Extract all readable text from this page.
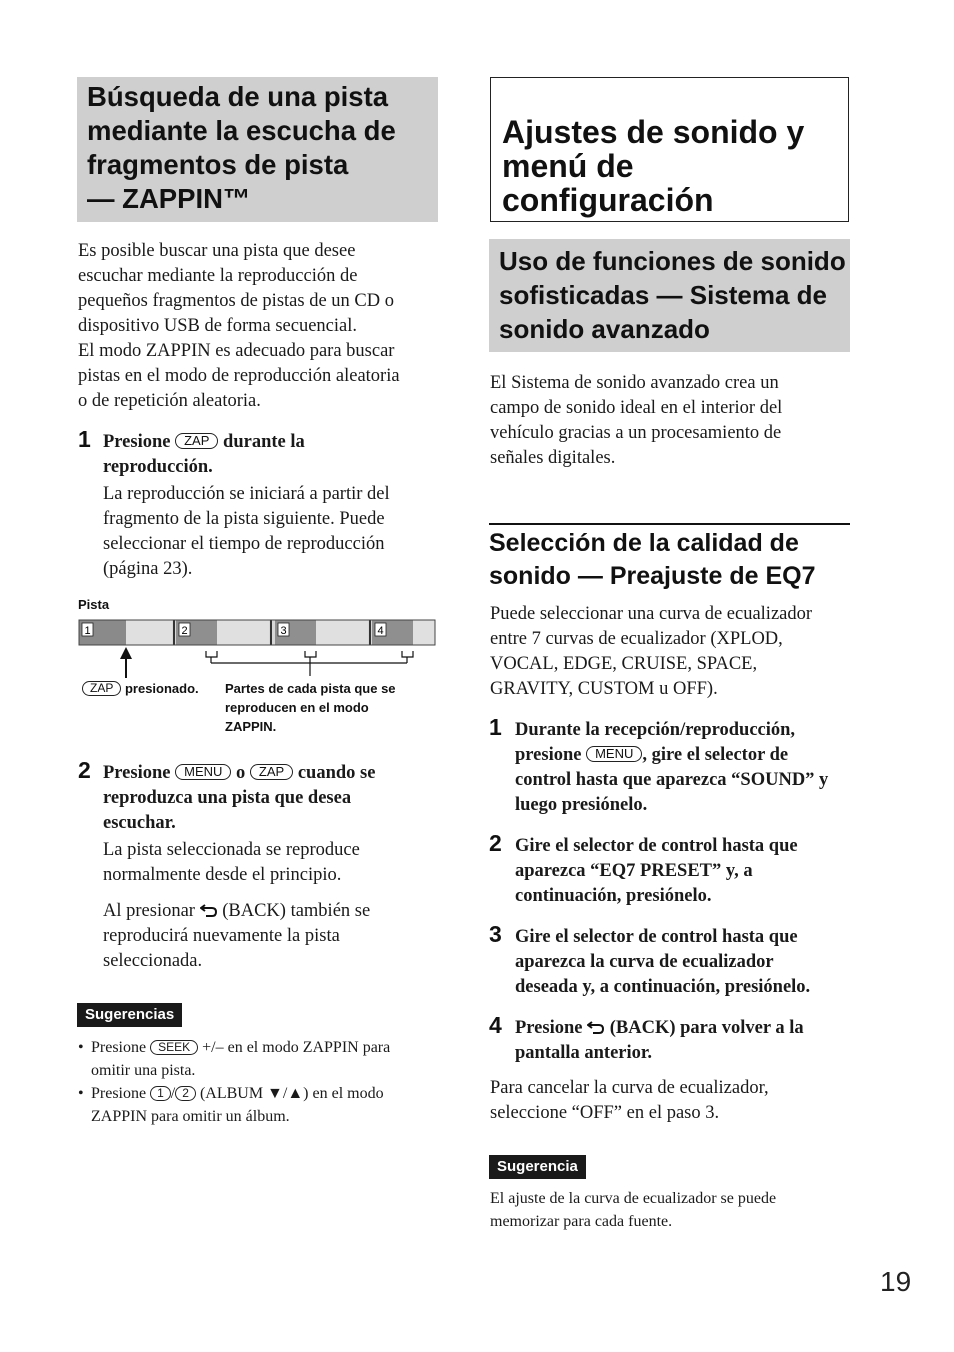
Búsqueda de una pista
mediante la escucha de
fragmentos de pista
— ZAPPIN™

Es posible buscar una pista que desee

escuchar mediante la reproducción de

pequeños fragmentos de pistas de un CD o

dispositivo USB de forma secuencial.

El modo ZAPPIN es adecuado para buscar

pistas en el modo de reproducción aleatoria

o de repetición aleatoria.

1 Presione ZAP durante la

reproducción.

La reproducción se iniciará a partir del

fragmento de la pista siguiente. Puede

seleccionar el tiempo de reproducción

(página 23).

Pista
1	2	3	4
ZAP presionado. Partes de cada pista que se
reproducen en el modo
ZAPPIN.
2 Presione MENU o ZAP cuando se

reproduzca una pista que desea

escuchar.

La pista seleccionada se reproduce

normalmente desde el principio.

Al presionar (BACK) también se

reproducirá nuevamente la pista

seleccionada.

Sugerencias
• Presione SEEK +/– en el modo ZAPPIN para
omitir una pista.
• Presione 1 / 2 (ALBUM ▼/▲) en el modo
ZAPPIN para omitir un álbum.
Ajustes de sonido y
menú de
configuración
Uso de funciones de sonido
sofisticadas — Sistema de
sonido avanzado

El Sistema de sonido avanzado crea un

campo de sonido ideal en el interior del

vehículo gracias a un procesamiento de

señales digitales.

Selección de la calidad de
sonido — Preajuste de EQ7

Puede seleccionar una curva de ecualizador

entre 7 curvas de ecualizador (XPLOD,

VOCAL, EDGE, CRUISE, SPACE,

GRAVITY, CUSTOM u OFF).

1 Durante la recepción/reproducción,

presione MENU , gire el selector de

control hasta que aparezca “SOUND” y

luego presiónelo.

2 Gire el selector de control hasta que

aparezca “EQ7 PRESET” y, a

continuación, presiónelo.

3 Gire el selector de control hasta que

aparezca la curva de ecualizador

deseada y, a continuación, presiónelo.

4 Presione (BACK) para volver a la

pantalla anterior.

Para cancelar la curva de ecualizador,

seleccione “OFF” en el paso 3.

Sugerencia
El ajuste de la curva de ecualizador se puede
memorizar para cada fuente.
19
